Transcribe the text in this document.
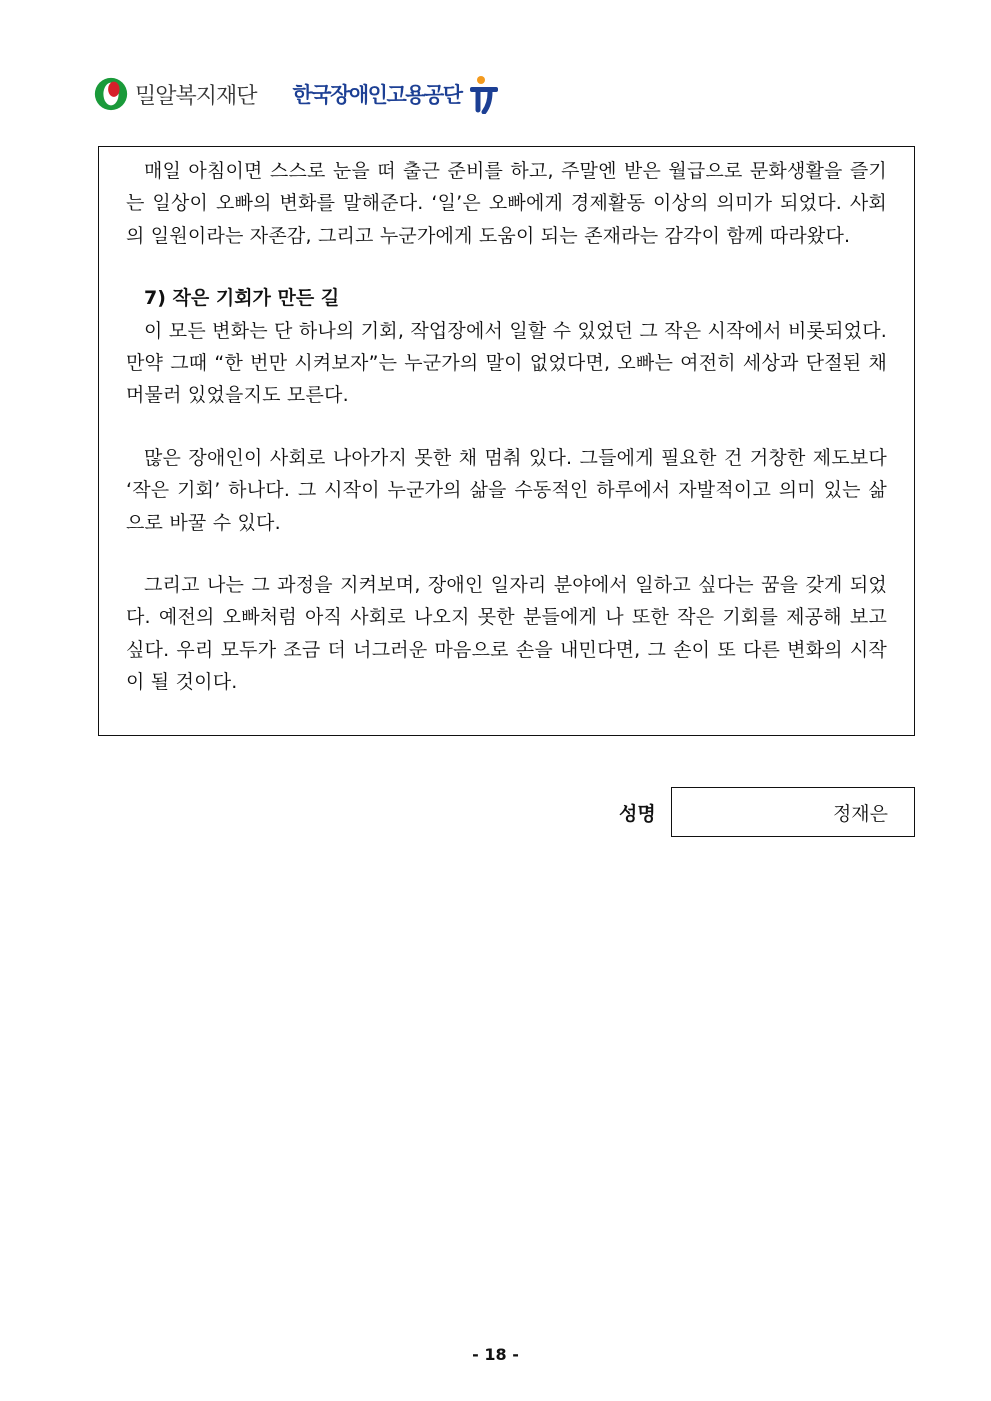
밀알복지재단 한국장애인고용공단

매일 아침이면 스스로 눈을 떠 출근 준비를 하고, 주말엔 받은 월급으로 문화생활을 즐기는 일상이 오빠의 변화를 말해준다. ‘일’은 오빠에게 경제활동 이상의 의미가 되었다. 사회의 일원이라는 자존감, 그리고 누군가에게 도움이 되는 존재라는 감각이 함께 따라왔다.

7) 작은 기회가 만든 길

이 모든 변화는 단 하나의 기회, 작업장에서 일할 수 있었던 그 작은 시작에서 비롯되었다. 만약 그때 “한 번만 시켜보자”는 누군가의 말이 없었다면, 오빠는 여전히 세상과 단절된 채 머물러 있었을지도 모른다.

많은 장애인이 사회로 나아가지 못한 채 멈춰 있다. 그들에게 필요한 건 거창한 제도보다 ‘작은 기회’ 하나다. 그 시작이 누군가의 삶을 수동적인 하루에서 자발적이고 의미 있는 삶으로 바꿀 수 있다.

그리고 나는 그 과정을 지켜보며, 장애인 일자리 분야에서 일하고 싶다는 꿈을 갖게 되었다. 예전의 오빠처럼 아직 사회로 나오지 못한 분들에게 나 또한 작은 기회를 제공해 보고 싶다. 우리 모두가 조금 더 너그러운 마음으로 손을 내민다면, 그 손이 또 다른 변화의 시작이 될 것이다.

성명	정재은
- 18 -
